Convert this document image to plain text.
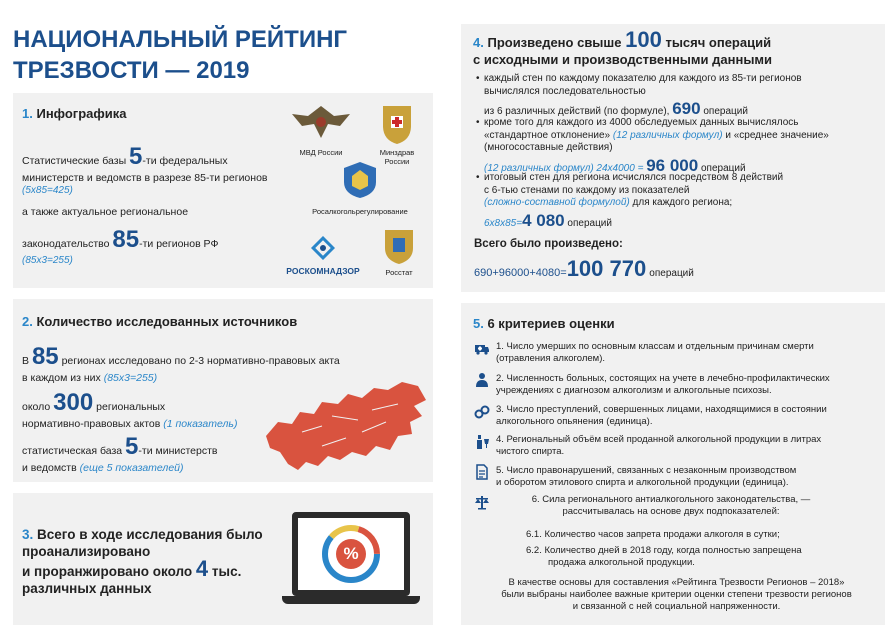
НАЦИОНАЛЬНЫЙ РЕЙТИНГ
ТРЕЗВОСТИ — 2019
1. Инфографика
Статистические базы 5-ти федеральных
министерств и ведомств в разрезе 85-ти регионов
(5х85=425)
а также актуальное региональное
законодательство 85-ти регионов РФ
(85х3=255)
МВД России	Минздрав
России
Росалкогольрегулирование
РОСКОМНАДЗОР	Росстат
2. Количество исследованных источников
В 85 регионах исследовано по 2-3 нормативно-правовых акта
в каждом из них (85х3=255)
около 300 региональных
нормативно-правовых актов (1 показатель)
статистическая база 5-ти министерств
и ведомств (еще 5 показателей)
3. Всего в ходе исследования было
проанализировано
и проранжировано около 4 тыс.
различных данных
%
4. Произведено свыше 100 тысяч операций
с исходными и производственными данными
• каждый стен по каждому показателю для каждого из 85-ти регионов
вычислялся последовательностью
из 6 различных действий (по формуле), 690 операций
• кроме того для каждого из 4000 обследуемых данных вычислялось
«стандартное отклонение» (12 различных формул) и «среднее значение»
(многосоставные действия)
(12 различных формул) 24х4000 = 96 000 операций
• итоговый стен для региона исчислялся посредством 8 действий
с 6-тью стенами по каждому из показателей
(сложно-составной формулой) для каждого региона;
6х8х85=4 080 операций
Всего было произведено:
690+96000+4080=100 770 операций
5. 6 критериев оценки
1. Число умерших по основным классам и отдельным причинам смерти
(отравления алкоголем).
2. Численность больных, состоящих на учете в лечебно-профилактических
учреждениях с диагнозом алкоголизм и алкогольные психозы.
3. Число преступлений, совершенных лицами, находящимися в состоянии
алкогольного опьянения (единица).
4. Региональный объём всей проданной алкогольной продукции в литрах
чистого спирта.
5. Число правонарушений, связанных с незаконным производством
и оборотом этилового спирта и алкогольной продукции (единица).
6. Сила регионального антиалкогольного законодательства, —
рассчитывалась на основе двух подпоказателей:
6.1. Количество часов запрета продажи алкоголя в сутки;
6.2. Количество дней в 2018 году, когда полностью запрещена
продажа алкогольной продукции.
В качестве основы для составления «Рейтинга Трезвости Регионов – 2018»
были выбраны наиболее важные критерии оценки степени трезвости регионов
и связанной с ней социальной напряженности.
